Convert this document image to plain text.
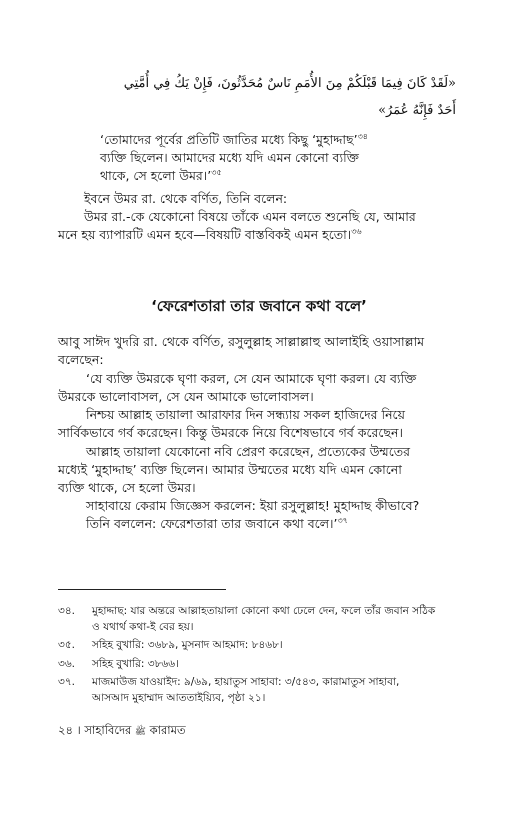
«لَقَدْ كَانَ فِيمَا قَبْلَكُمْ مِنَ الأُمَمِ نَاسٌ مُحَدَّثُونَ، فَإِنْ يَكُ فِي أُمَّتِي
أَحَدٌ فَإِنَّهُ عُمَرُ»
‘তোমাদের পূর্বের প্রতিটি জাতির মধ্যে কিছু ‘মুহাদ্দাছ’$^{৩৪}$
ব্যক্তি ছিলেন। আমাদের মধ্যে যদি এমন কোনো ব্যক্তি
থাকে, সে হলো উমর।’$^{৩৫}$
ইবনে উমর রা. থেকে বর্ণিত, তিনি বলেন:
উমর রা.-কে যেকোনো বিষয়ে তাঁকে এমন বলতে শুনেছি যে, আমার
মনে হয় ব্যাপারটি এমন হবে—বিষয়টি বাস্তবিকই এমন হতো।$^{৩৬}$
‘ফেরেশতারা তার জবানে কথা বলে’
আবু সাঈদ খুদরি রা. থেকে বর্ণিত, রসুলুল্লাহ সাল্লাল্লাহু আলাইহি ওয়াসাল্লাম
বলেছেন:
‘যে ব্যক্তি উমরকে ঘৃণা করল, সে যেন আমাকে ঘৃণা করল। যে ব্যক্তি
উমরকে ভালোবাসল, সে যেন আমাকে ভালোবাসল।
নিশ্চয় আল্লাহ তায়ালা আরাফার দিন সন্ধ্যায় সকল হাজিদের নিয়ে
সার্বিকভাবে গর্ব করেছেন। কিন্তু উমরকে নিয়ে বিশেষভাবে গর্ব করেছেন।
আল্লাহ তায়ালা যেকোনো নবি প্রেরণ করেছেন, প্রত্যেকের উম্মতের
মধ্যেই ‘মুহাদ্দাছ’ ব্যক্তি ছিলেন। আমার উম্মতের মধ্যে যদি এমন কোনো
ব্যক্তি থাকে, সে হলো উমর।
সাহাবায়ে কেরাম জিজ্ঞেস করলেন: ইয়া রসুলুল্লাহ! মুহাদ্দাছ কীভাবে?
তিনি বললেন: ফেরেশতারা তার জবানে কথা বলে।’$^{৩৭}$
৩৪. মুহাদ্দাছ: যার অন্তরে আল্লাহতায়ালা কোনো কথা ঢেলে দেন, ফলে তাঁর জবান সঠিক
ও যথার্থ কথা-ই বের হয়।
৩৫. সহিহ বুখারি: ৩৬৮৯, মুসনাদ আহমাদ: ৮৪৬৮।
৩৬. সহিহ বুখারি: ৩৮৬৬।
৩৭. মাজমাউজ যাওয়াইদ: ৯/৬৯, হায়াতুস সাহাবা: ৩/৫৪৩, কারামাতুস সাহাবা,
আসআদ মুহাম্মাদ আততাইয়্যিব, পৃষ্ঠা ২১।
২৪ । সাহাবিদের ﷺ কারামত
